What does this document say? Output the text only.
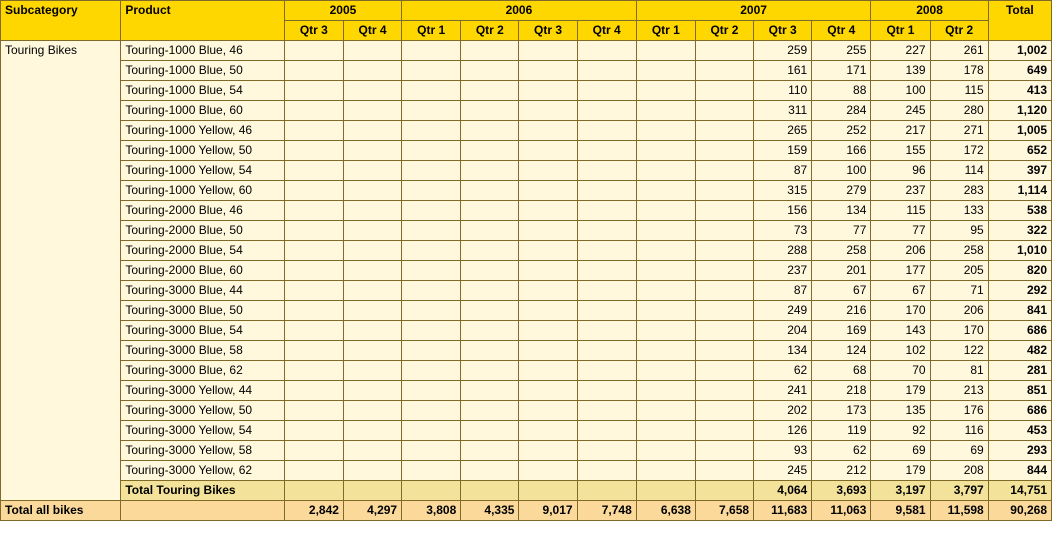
Subcategory	Product	2005		2006				2007				2008		Total
		Qtr 3	Qtr 4	Qtr 1	Qtr 2	Qtr 3	Qtr 4	Qtr 1	Qtr 2	Qtr 3	Qtr 4	Qtr 1	Qtr 2	
Touring Bikes	Touring-1000 Blue, 46									259	255	227	261	1,002
	Touring-1000 Blue, 50									161	171	139	178	649
	Touring-1000 Blue, 54									110	88	100	115	413
	Touring-1000 Blue, 60									311	284	245	280	1,120
	Touring-1000 Yellow, 46									265	252	217	271	1,005
	Touring-1000 Yellow, 50									159	166	155	172	652
	Touring-1000 Yellow, 54									87	100	96	114	397
	Touring-1000 Yellow, 60									315	279	237	283	1,114
	Touring-2000 Blue, 46									156	134	115	133	538
	Touring-2000 Blue, 50									73	77	77	95	322
	Touring-2000 Blue, 54									288	258	206	258	1,010
	Touring-2000 Blue, 60									237	201	177	205	820
	Touring-3000 Blue, 44									87	67	67	71	292
	Touring-3000 Blue, 50									249	216	170	206	841
	Touring-3000 Blue, 54									204	169	143	170	686
	Touring-3000 Blue, 58									134	124	102	122	482
	Touring-3000 Blue, 62									62	68	70	81	281
	Touring-3000 Yellow, 44									241	218	179	213	851
	Touring-3000 Yellow, 50									202	173	135	176	686
	Touring-3000 Yellow, 54									126	119	92	116	453
	Touring-3000 Yellow, 58									93	62	69	69	293
	Touring-3000 Yellow, 62									245	212	179	208	844
	Total Touring Bikes									4,064	3,693	3,197	3,797	14,751
Total all bikes		2,842	4,297	3,808	4,335	9,017	7,748	6,638	7,658	11,683	11,063	9,581	11,598	90,268
